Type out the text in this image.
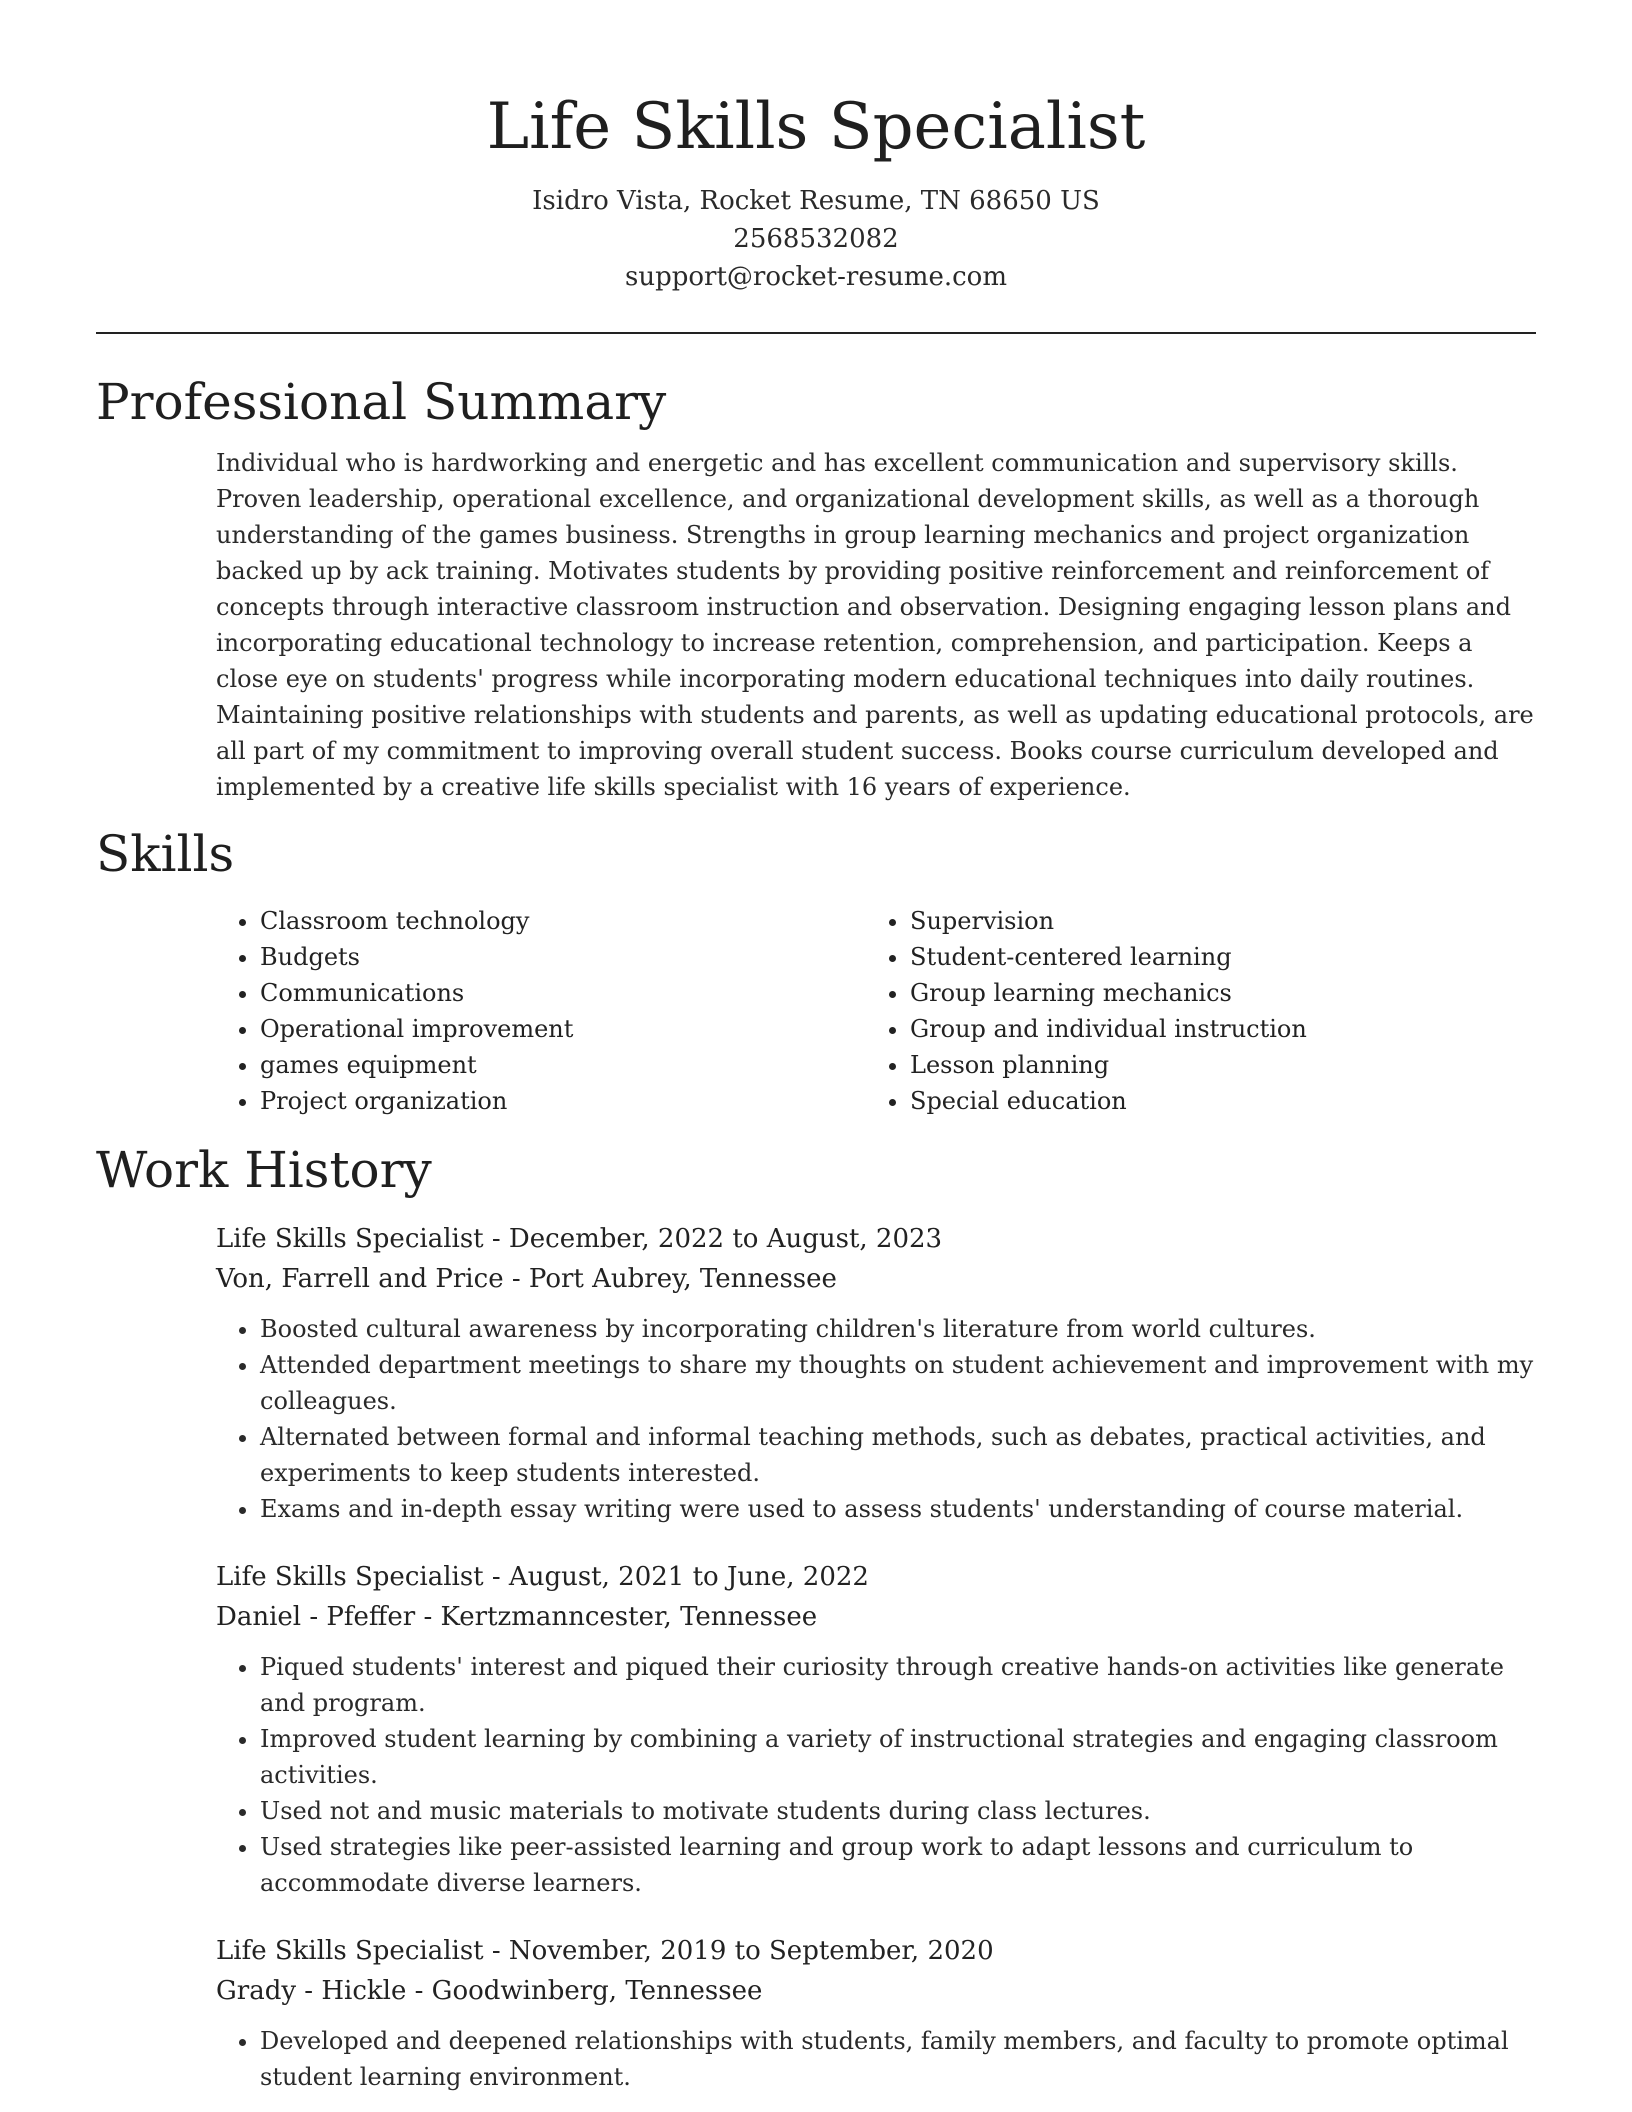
Life Skills Specialist
Isidro Vista, Rocket Resume, TN 68650 US
2568532082
support@rocket-resume.com
Professional Summary

Individual who is hardworking and energetic and has excellent communication and supervisory skills. Proven leadership, operational excellence, and organizational development skills, as well as a thorough understanding of the games business. Strengths in group learning mechanics and project organization backed up by ack training. Motivates students by providing positive reinforcement and reinforcement of concepts through interactive classroom instruction and observation. Designing engaging lesson plans and incorporating educational technology to increase retention, comprehension, and participation. Keeps a close eye on students' progress while incorporating modern educational techniques into daily routines. Maintaining positive relationships with students and parents, as well as updating educational protocols, are all part of my commitment to improving overall student success. Books course curriculum developed and implemented by a creative life skills specialist with 16 years of experience.

Skills
• Classroom technology
• Budgets
• Communications
• Operational improvement
• games equipment
• Project organization
• Supervision
• Student-centered learning
• Group learning mechanics
• Group and individual instruction
• Lesson planning
• Special education
Work History
Life Skills Specialist - December, 2022 to August, 2023
Von, Farrell and Price - Port Aubrey, Tennessee
• Boosted cultural awareness by incorporating children's literature from world cultures.
• Attended department meetings to share my thoughts on student achievement and improvement with my colleagues.
• Alternated between formal and informal teaching methods, such as debates, practical activities, and experiments to keep students interested.
• Exams and in-depth essay writing were used to assess students' understanding of course material.
Life Skills Specialist - August, 2021 to June, 2022
Daniel - Pfeffer - Kertzmanncester, Tennessee
• Piqued students' interest and piqued their curiosity through creative hands-on activities like generate and program.
• Improved student learning by combining a variety of instructional strategies and engaging classroom activities.
• Used not and music materials to motivate students during class lectures.
• Used strategies like peer-assisted learning and group work to adapt lessons and curriculum to accommodate diverse learners.
Life Skills Specialist - November, 2019 to September, 2020
Grady - Hickle - Goodwinberg, Tennessee
• Developed and deepened relationships with students, family members, and faculty to promote optimal student learning environment.
